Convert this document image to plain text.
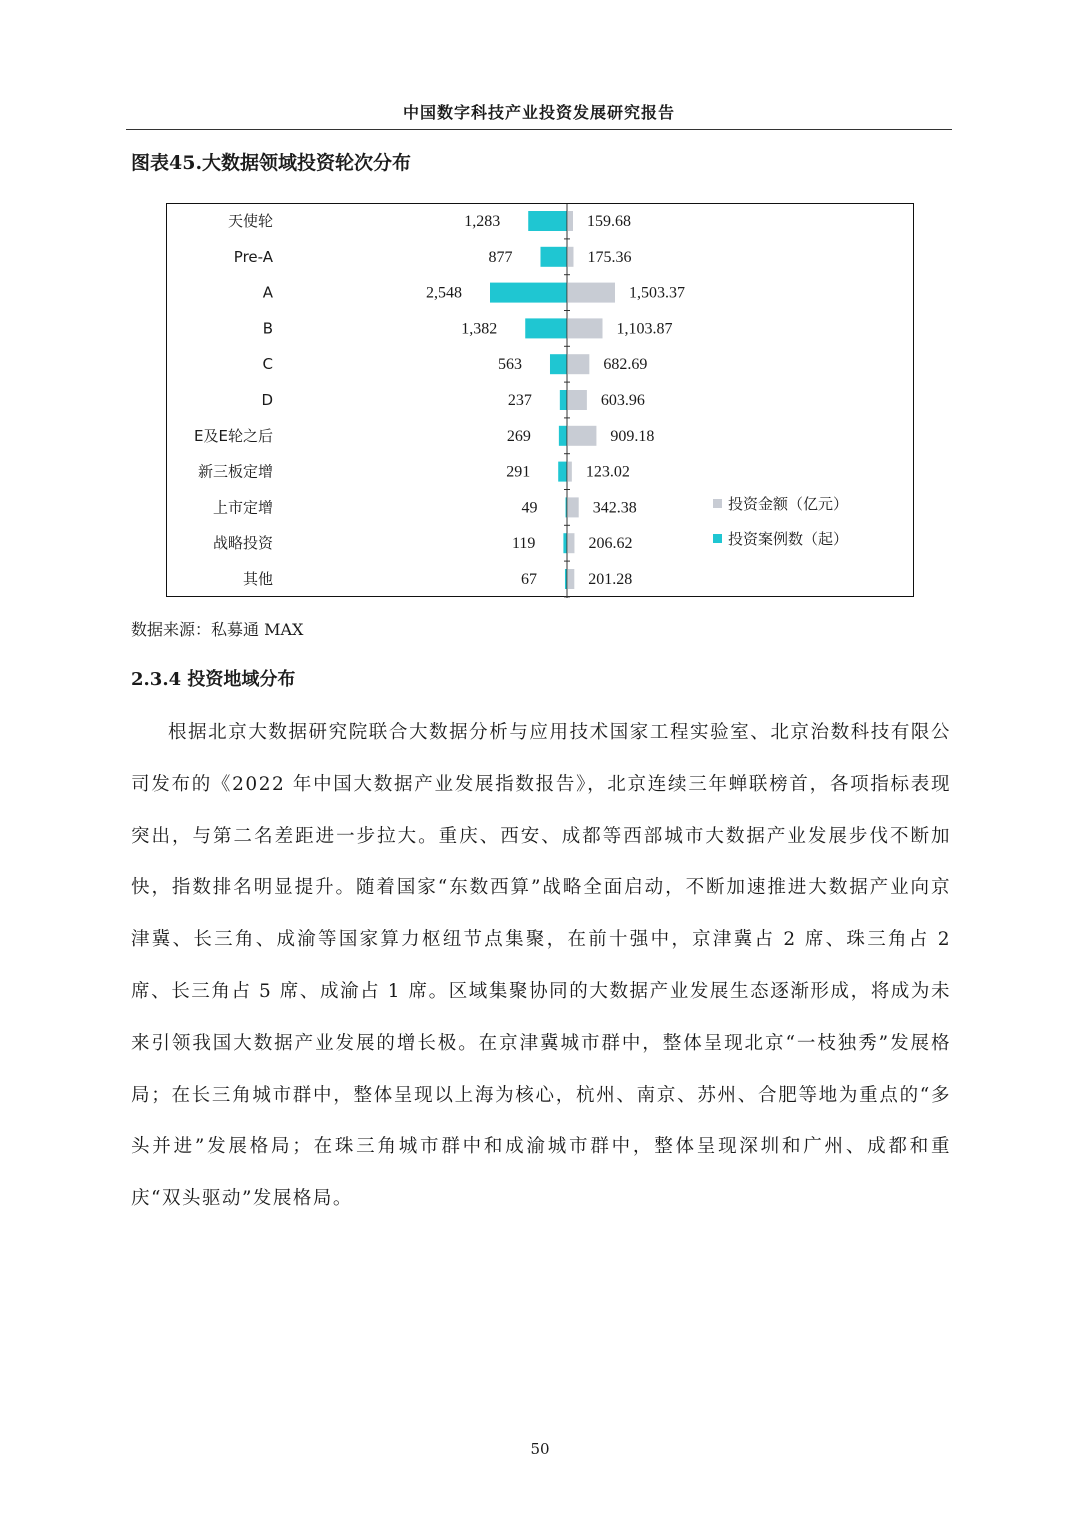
中国数字科技产业投资发展研究报告
图表45.大数据领域投资轮次分布
天使轮
Pre-A
A
B
C
D
E及E轮之后
新三板定增
上市定增
战略投资
其他
1,283
877
2,548
1,382
563
237
269
291
49
119
67
159.68
175.36
1,503.37
1,103.87
682.69
603.96
909.18
123.02
342.38
206.62
201.28
投资金额（亿元）
投资案例数（起）
数据来源：私募通 MAX
2.3.4 投资地域分布

根据北京大数据研究院联合大数据分析与应用技术国家工程实验室、北京治数科技有限公司发布的《2022 年中国大数据产业发展指数报告》，北京连续三年蝉联榜首，各项指标表现突出，与第二名差距进一步拉大。重庆、西安、成都等西部城市大数据产业发展步伐不断加快，指数排名明显提升。随着国家“东数西算”战略全面启动，不断加速推进大数据产业向京津冀、长三角、成渝等国家算力枢纽节点集聚，在前十强中，京津冀占 2 席、珠三角占 2 席、长三角占 5 席、成渝占 1 席。区域集聚协同的大数据产业发展生态逐渐形成，将成为未来引领我国大数据产业发展的增长极。在京津冀城市群中，整体呈现北京“一枝独秀”发展格局；在长三角城市群中，整体呈现以上海为核心，杭州、南京、苏州、合肥等地为重点的“多头并进”发展格局；在珠三角城市群中和成渝城市群中，整体呈现深圳和广州、成都和重庆“双头驱动”发展格局。

50
